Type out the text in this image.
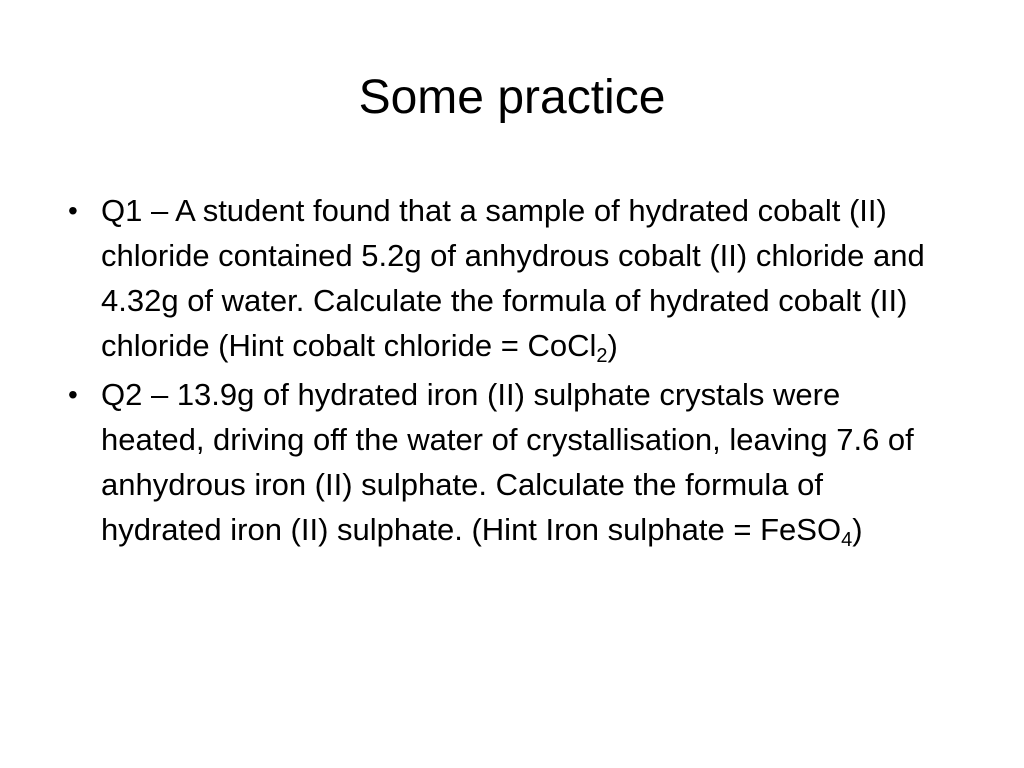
Some practice
• Q1 – A student found that a sample of hydrated cobalt (II) chloride contained 5.2g of anhydrous cobalt (II) chloride and 4.32g of water. Calculate the formula of hydrated cobalt (II) chloride (Hint cobalt chloride = CoCl$_2$)
• Q2 – 13.9g of hydrated iron (II) sulphate crystals were heated, driving off the water of crystallisation, leaving 7.6 of anhydrous iron (II) sulphate. Calculate the formula of hydrated iron (II) sulphate. (Hint Iron sulphate = FeSO$_4$)
